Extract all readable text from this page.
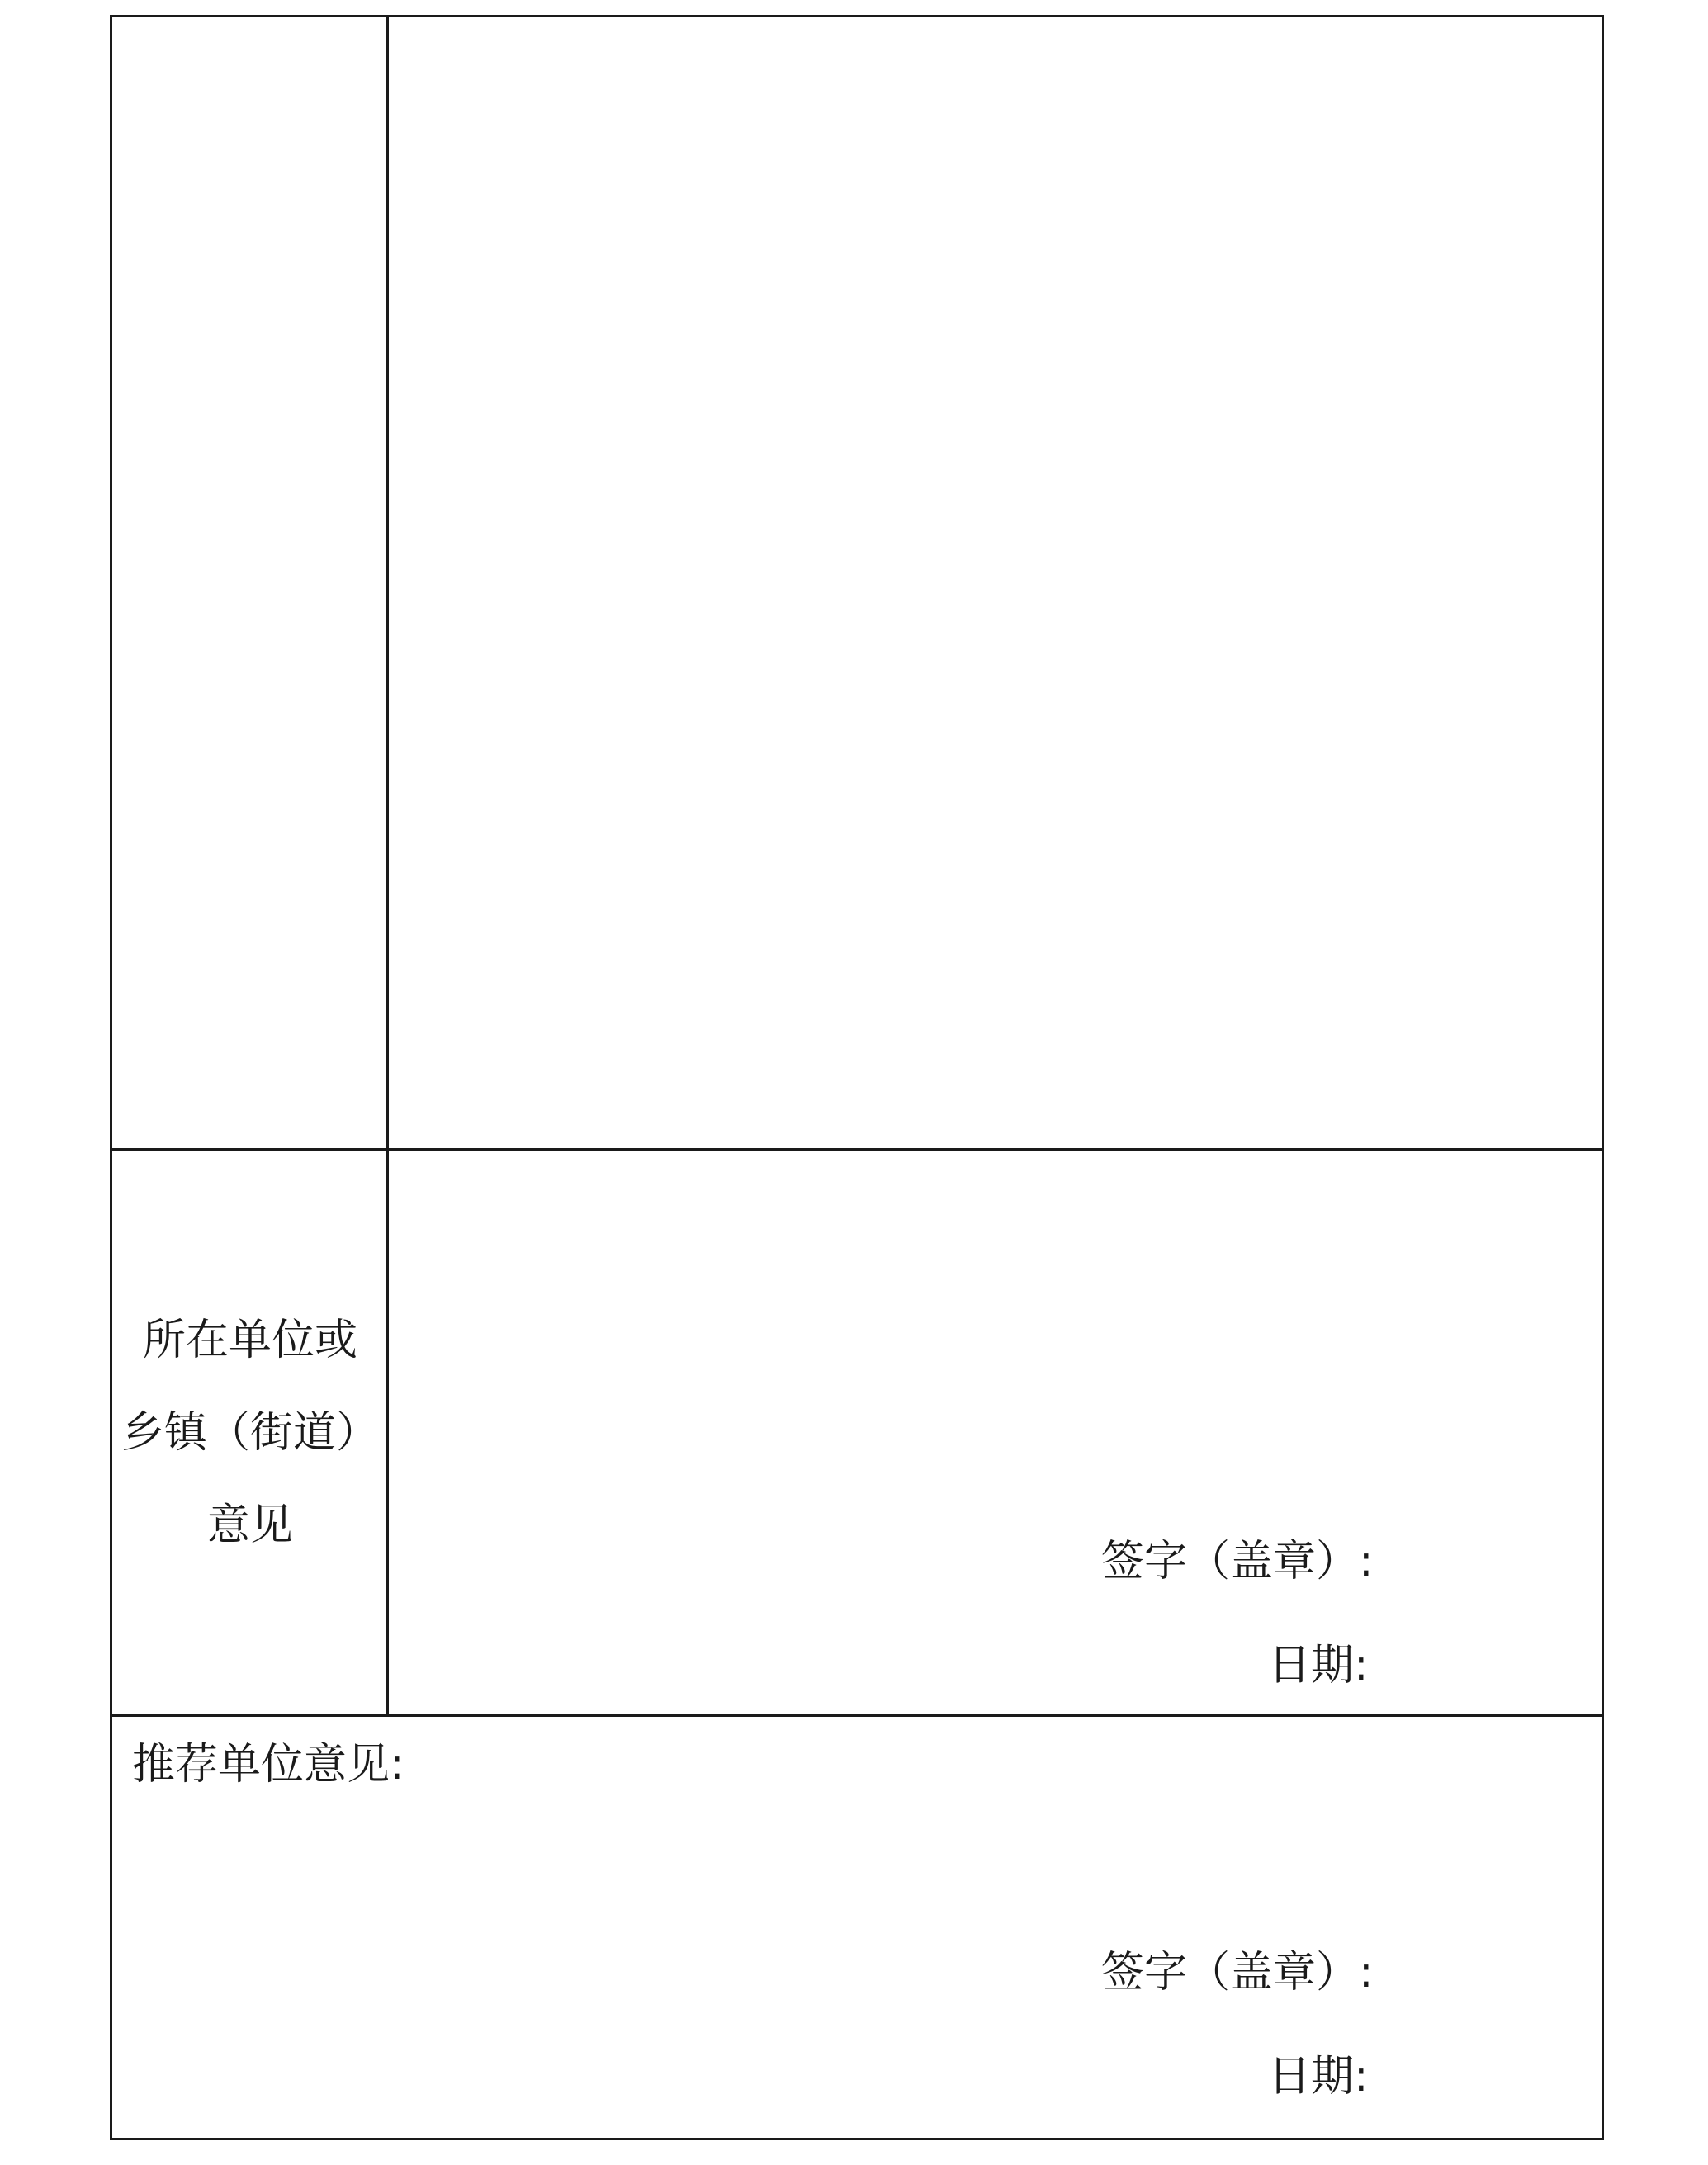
所在单位或
乡镇（街道）
意见
签字（盖章）:
日期:
推荐单位意见:
签字（盖章）:
日期:
